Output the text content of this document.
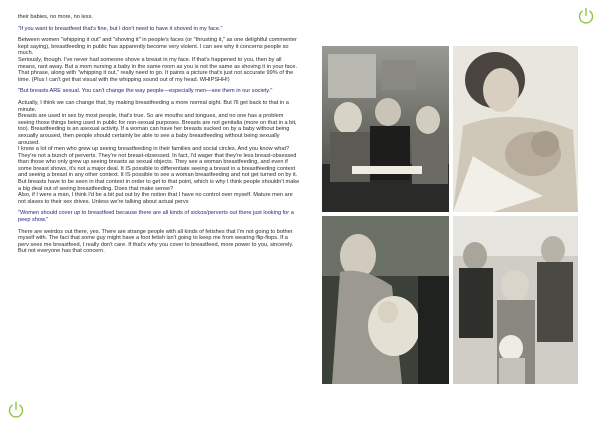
their babies, no more, no less.

"If you want to breastfeed that's fine, but I don't need to have it shoved in my face."

Between women "whipping it out" and "shoving it" in people's faces (or "thrusting it," as one delightful commenter kept saying), breastfeeding in public has apparently become very violent. I can see why it concerns people so much.
Seriously, though. I've never had someone shove a breast in my face. If that's happened to you, then by all means, rant away. But a mom nursing a baby in the same room as you is not the same as shoving it in your face. That phrase, along with "whipping it out," really need to go. It paints a picture that's just not accurate 99% of the time. (Plus I can't get that visual with the whipping sound out of my head. WHIPSHH!)

"But breasts ARE sexual. You can't change the way people—especially men—see them in our society."

Actually, I think we can change that, by making breastfeeding a more normal sight. But I'll get back to that in a minute.
Breasts are used in sex by most people, that's true. So are mouths and tongues, and no one has a problem seeing those things being used in public for non-sexual purposes. Breasts are not genitalia (more on that in a bit, too). Breastfeeding is an asexual activity. If a woman can have her breasts sucked on by a baby without being sexually aroused, then people should certainly be able to see a baby breastfeeding without being sexually aroused.
I know a lot of men who grew up seeing breastfeeding in their families and social circles. And you know what? They're not a bunch of perverts. They're not breast-obsessed. In fact, I'd wager that they're less breast-obsessed than those who only grew up seeing breasts as sexual objects. They see a woman breastfeeding, and even if some breast shows, it's not a major deal. It IS possible to differentiate seeing a breast in a breastfeeding context and seeing a breast in any other context. It IS possible to see a woman breastfeeding and not get turned on by it. But breasts have to be seen in that context in order to get to that point, which is why I think people shouldn't make a big deal out of seeing breastfeeding. Does that make sense?
Also, if I were a man, I think I'd be a bit put out by the notion that I have no control over myself. Mature men are not slaves to their sex drives. Unless we're talking about actual pervs

"Women should cover up to breastfeed because there are all kinds of sickos/perverts out there just looking for a peep show."

There are weirdos out there, yes. There are strange people with all kinds of fetishes that I'm not going to bother myself with. The fact that some guy might have a foot fetish isn't going to keep me from wearing flip-flops. If a perv sees me breastfeed, I really don't care. If that's why you cover to breastfeed, more power to you, sincerely. But not everyone has that concern.
